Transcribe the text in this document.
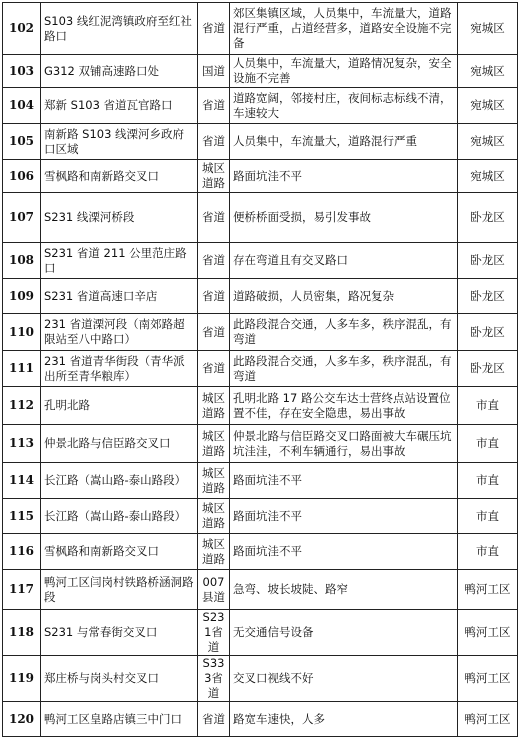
102	S103 线红泥湾镇政府至红社路口	省道	郊区集镇区域，人员集中，车流量大，道路混行严重，占道经营多，道路安全设施不完备	宛城区
103	G312 双铺高速路口处	国道	人员集中，车流量大，道路情况复杂，安全设施不完善	宛城区
104	郑新 S103 省道瓦官路口	省道	道路宽阔，邻接村庄，夜间标志标线不清，车速较大	宛城区
105	南新路 S103 线溧河乡政府口区域	省道	人员集中，车流量大，道路混行严重	宛城区
106	雪枫路和南新路交叉口	城区道路	路面坑洼不平	宛城区
107	S231 线溧河桥段	省道	便桥桥面受损，易引发事故	卧龙区
108	S231 省道 211 公里范庄路口	省道	存在弯道且有交叉路口	卧龙区
109	S231 省道高速口辛店	省道	道路破损，人员密集，路况复杂	卧龙区
110	231 省道溧河段（南郊路超限站至八中路口）	省道	此路段混合交通，人多车多，秩序混乱，有弯道	卧龙区
111	231 省道青华街段（青华派出所至青华粮库）	省道	此路段混合交通，人多车多，秩序混乱，有弯道	卧龙区
112	孔明北路	城区道路	孔明北路 17 路公交车达士营终点站设置位置不佳，存在安全隐患，易出事故	市直
113	仲景北路与信臣路交叉口	城区道路	仲景北路与信臣路交叉口路面被大车碾压坑坑洼洼，不利车辆通行，易出事故	市直
114	长江路（嵩山路-泰山路段）	城区道路	路面坑洼不平	市直
115	长江路（嵩山路-泰山路段）	城区道路	路面坑洼不平	市直
116	雪枫路和南新路交叉口	城区道路	路面坑洼不平	市直
117	鸭河工区闫岗村铁路桥涵洞路段	007县道	急弯、坡长坡陡、路窄	鸭河工区
118	S231 与常春街交叉口	S231省道	无交通信号设备	鸭河工区
119	郑庄桥与岗头村交叉口	S333省道	交叉口视线不好	鸭河工区
120	鸭河工区皇路店镇三中门口	省道	路宽车速快，人多	鸭河工区
